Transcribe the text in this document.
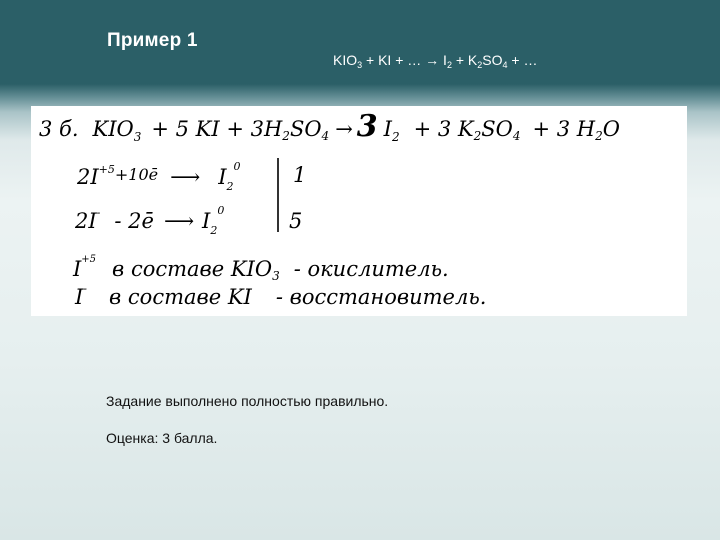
Пример 1
$KIO_3$ + KI + … → $I_2 + K_2SO_4$ + …
3 б. $KIO_3 + 5$ KI + 3H2SO4 → 3 $I_2 + 3$ K2SO4 + 3 H2O
$2I^{+5}_{+10ē}$ ⟶ $I_2^0$ 1
2I- - 2ē ⟶ $I_2^0$	5
$I^{+5}$ в составе KIO3 - окислитель.
I- в составе KI - восстановитель.
Задание выполнено полностью правильно.
Оценка: 3 балла.
